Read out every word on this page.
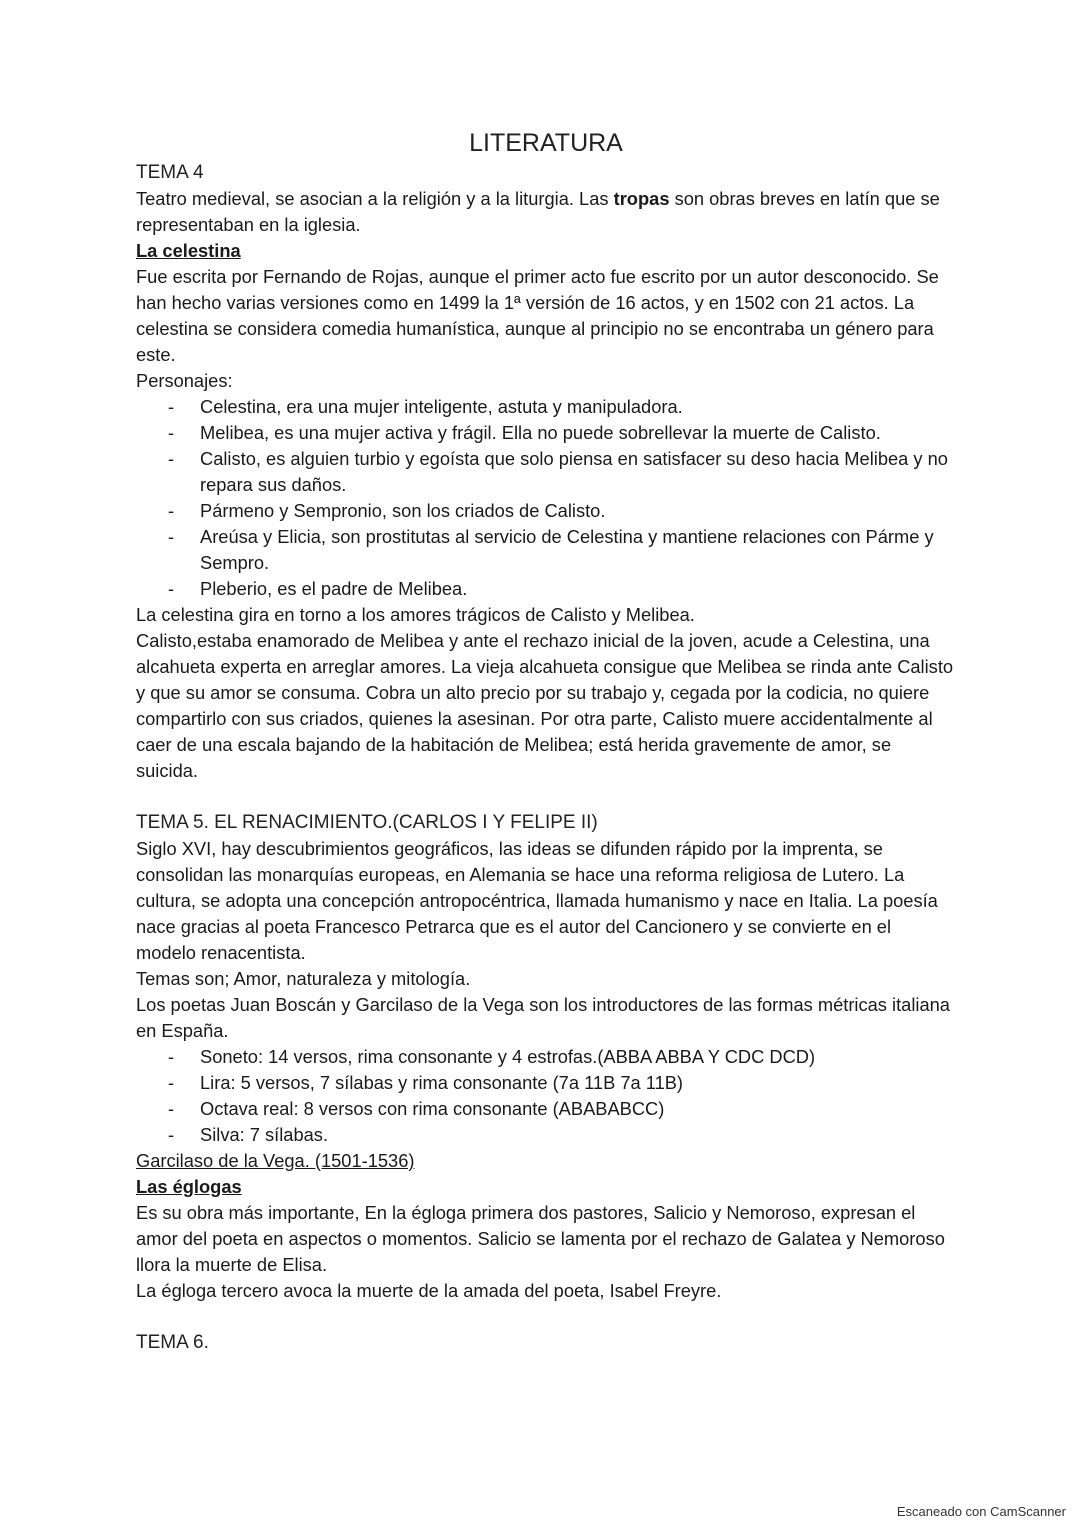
LITERATURA
TEMA 4

Teatro medieval, se asocian a la religión y a la liturgia. Las tropas son obras breves en latín que se representaban en la iglesia.

La celestina

Fue escrita por Fernando de Rojas, aunque el primer acto fue escrito por un autor desconocido. Se han hecho varias versiones como en 1499 la 1ª versión de 16 actos, y en 1502 con 21 actos. La celestina se considera comedia humanística, aunque al principio no se encontraba un género para este.

Personajes:
- Celestina, era una mujer inteligente, astuta y manipuladora.
- Melibea, es una mujer activa y frágil. Ella no puede sobrellevar la muerte de Calisto.
- Calisto, es alguien turbio y egoísta que solo piensa en satisfacer su deso hacia Melibea y no repara sus daños.
- Pármeno y Sempronio, son los criados de Calisto.
- Areúsa y Elicia, son prostitutas al servicio de Celestina y mantiene relaciones con Párme y Sempro.
- Pleberio, es el padre de Melibea.

La celestina gira en torno a los amores trágicos de Calisto y Melibea.

Calisto,estaba enamorado de Melibea y ante el rechazo inicial de la joven, acude a Celestina, una alcahueta experta en arreglar amores. La vieja alcahueta consigue que Melibea se rinda ante Calisto y que su amor se consuma. Cobra un alto precio por su trabajo y, cegada por la codicia, no quiere compartirlo con sus criados, quienes la asesinan. Por otra parte, Calisto muere accidentalmente al caer de una escala bajando de la habitación de Melibea; está herida gravemente de amor, se suicida.

TEMA 5. EL RENACIMIENTO.(CARLOS I Y FELIPE II)

Siglo XVI, hay descubrimientos geográficos, las ideas se difunden rápido por la imprenta, se consolidan las monarquías europeas, en Alemania se hace una reforma religiosa de Lutero. La cultura, se adopta una concepción antropocéntrica, llamada humanismo y nace en Italia. La poesía nace gracias al poeta Francesco Petrarca que es el autor del Cancionero y se convierte en el modelo renacentista.

Temas son; Amor, naturaleza y mitología.

Los poetas Juan Boscán y Garcilaso de la Vega son los introductores de las formas métricas italiana en España.

- Soneto: 14 versos, rima consonante y 4 estrofas.(ABBA ABBA Y CDC DCD)
- Lira: 5 versos, 7 sílabas y rima consonante (7a 11B 7a 11B)
- Octava real: 8 versos con rima consonante (ABABABCC)
- Silva: 7 sílabas.
Garcilaso de la Vega. (1501-1536)
Las églogas

Es su obra más importante, En la égloga primera dos pastores, Salicio y Nemoroso, expresan el amor del poeta en aspectos o momentos. Salicio se lamenta por el rechazo de Galatea y Nemoroso llora la muerte de Elisa.

La égloga tercero avoca la muerte de la amada del poeta, Isabel Freyre.

TEMA 6.
Escaneado con CamScanner
